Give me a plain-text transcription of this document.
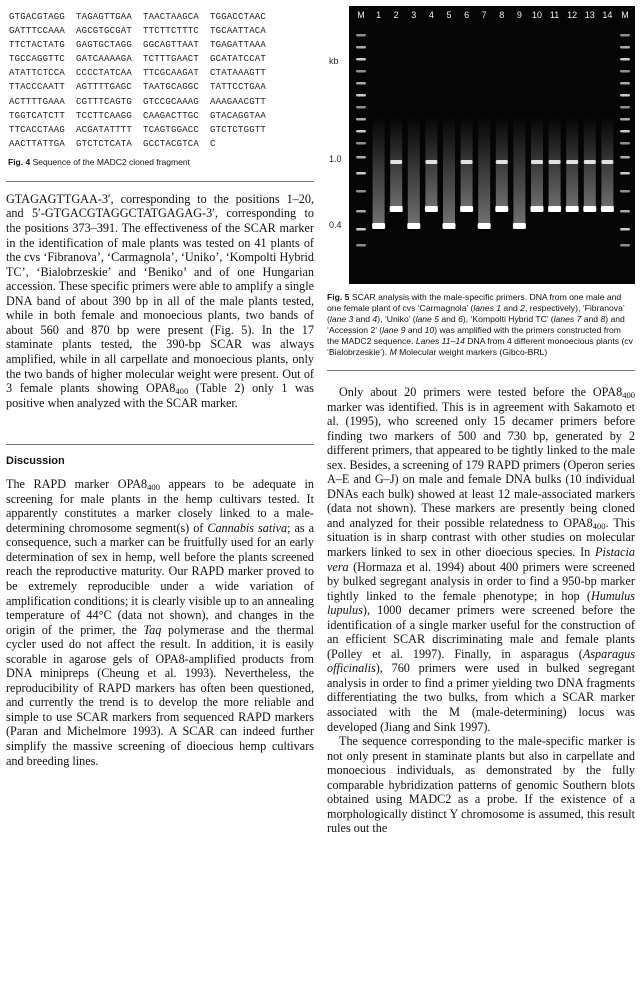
GTGACGTAGG	TAGAGTTGAA	TAACTAAGCA	TGGACCTAAC
GATTTCCAAA	AGCGTGCGAT	TTCTTCTTTC	TGCAATTACA
TTCTACTATG	GAGTGCTAGG	GGCAGTTAAT	TGAGATTAAA
TGCCAGGTTC	GATCAAAAGA	TCTTTGAACT	GCATATCCAT
ATATTCTCCA	CCCCTATCAA	TTCGCAAGAT	CTATAAAGTT
TTACCCAATT	AGTTTTGAGC	TAATGCAGGC	TATTCCTGAA
ACTTTTGAAA	CGTTTCAGTG	GTCCGCAAAG	AAAGAACGTT
TGGTCATCTT	TCCTTCAAGG	CAAGACTTGC	GTACAGGTAA
TTCACCTAAG	ACGATATTTT	TCAGTGGACC	GTCTCTGGTT
AACTTATTGA	GTCTCTCATA	GCCTACGTCA	C
Fig. 4 Sequence of the MADC2 cloned fragment

GTAGAGTTGAA-3′, corresponding to the positions 1–20, and 5′-GTGACGTAGGCTATGAGAG-3′, corresponding to the positions 373–391. The effectiveness of the SCAR marker in the identification of male plants was tested on 41 plants of the cvs ‘Fibranova’, ‘Carmagnola’, ‘Uniko’, ‘Kompolti Hybrid TC’, ‘Bialobrzeskie’ and ‘Beniko’ and of one Hungarian accession. These specific primers were able to amplify a single DNA band of about 390 bp in all of the male plants tested, while in both female and monoecious plants, two bands of about 560 and 870 bp were present (Fig. 5). In the 17 staminate plants tested, the 390-bp SCAR was always amplified, while in all carpellate and monoecious plants, only the two bands of higher molecular weight were present. Out of 3 female plants showing $OPA8_{400}$ (Table 2) only 1 was positive when analyzed with the SCAR marker.

Discussion

The RAPD marker $OPA8_{400}$ appears to be adequate in screening for male plants in the hemp cultivars tested. It apparently constitutes a marker closely linked to a male-determining chromosome segment(s) of Cannabis sativa; as a consequence, such a marker can be fruitfully used for an early determination of sex in hemp, well before the plants screened reach the reproductive maturity. Our RAPD marker proved to be extremely reproducible under a wide variation of amplification conditions; it is clearly visible up to an annealing temperature of 44°C (data not shown), and changes in the origin of the primer, the Taq polymerase and the thermal cycler used do not affect the result. In addition, it is easily scorable in agarose gels of OPA8-amplified products from DNA minipreps (Cheung et al. 1993). Nevertheless, the reproducibility of RAPD markers has often been questioned, and currently the trend is to develop the more reliable and simple to use SCAR markers from sequenced RAPD markers (Paran and Michelmore 1993). A SCAR can indeed further simplify the massive screening of dioecious hemp cultivars and breeding lines.

kb
1.0
0.4
M	1	2	3	4	5	6	7	8	9	10 11 12 13 14 M
Fig. 5 SCAR analysis with the male-specific primers. DNA from one male and one female plant of cvs ‘Carmagnola’ (lanes 1 and 2, respectively), ‘Fibranova’ (lane 3 and 4), ‘Uniko’ (lane 5 and 6), ‘Kompolti Hybrid TC’ (lanes 7 and 8) and ‘Accession 2’ (lane 9 and 10) was amplified with the primers constructed from the MADC2 sequence. Lanes 11–14 DNA from 4 different monoecious plants (cv ‘Bialobrzeskie’). M Molecular weight markers (Gibco-BRL)

Only about 20 primers were tested before the $OPA8_{400}$ marker was identified. This is in agreement with Sakamoto et al. (1995), who screened only 15 decamer primers before finding two markers of 500 and 730 bp, generated by 2 different primers, that appeared to be tightly linked to the male sex. Besides, a screening of 179 RAPD primers (Operon series A–E and G–J) on male and female DNA bulks (10 individual DNAs each bulk) showed at least 12 male-associated markers (data not shown). These markers are presently being cloned and analyzed for their possible relatedness to $OPA8_{400}$. This situation is in sharp contrast with other studies on molecular markers linked to sex in other dioecious species. In Pistacia vera (Hormaza et al. 1994) about 400 primers were screened by bulked segregant analysis in order to find a 950-bp marker tightly linked to the female phenotype; in hop (Humulus lupulus), 1000 decamer primers were screened before the identification of a single marker useful for the construction of an efficient SCAR discriminating male and female plants (Polley et al. 1997). Finally, in asparagus (Asparagus officinalis), 760 primers were used in bulked segregant analysis in order to find a primer yielding two DNA fragments differentiating the two bulks, from which a SCAR marker associated with the M (male-determining) locus was developed (Jiang and Sink 1997).

The sequence corresponding to the male-specific marker is not only present in staminate plants but also in carpellate and monoecious individuals, as demonstrated by the fully comparable hybridization patterns of genomic Southern blots obtained using MADC2 as a probe. If the existence of a morphologically distinct Y chromosome is assumed, this result rules out the
